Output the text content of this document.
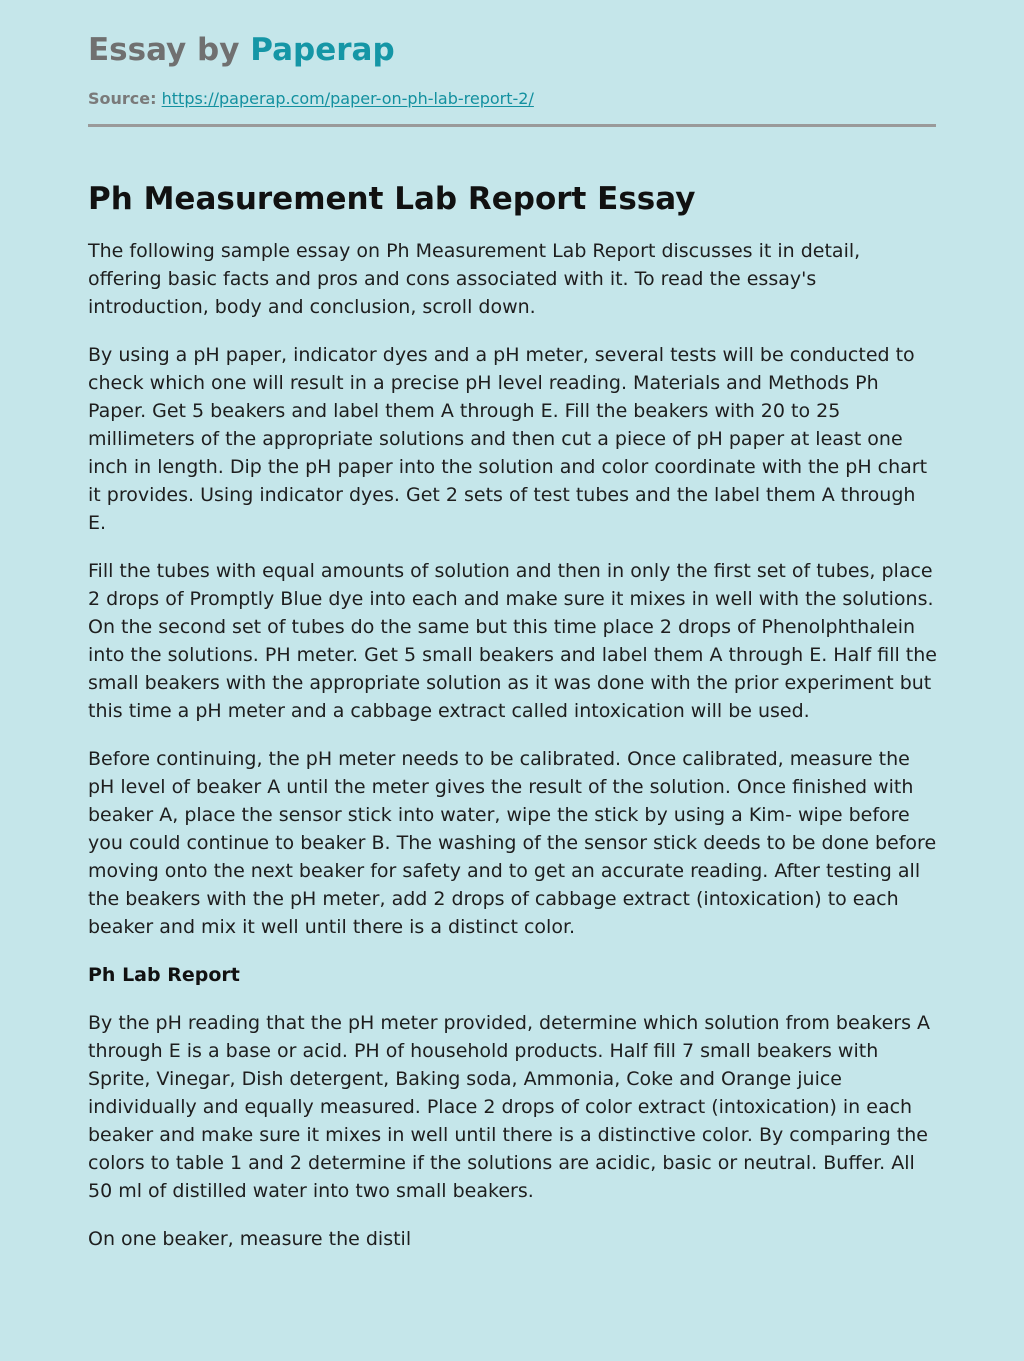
Essay by Paperap
Source: https://paperap.com/paper-on-ph-lab-report-2/
Ph Measurement Lab Report Essay

The following sample essay on Ph Measurement Lab Report discusses it in detail, offering basic facts and pros and cons associated with it. To read the essay's introduction, body and conclusion, scroll down.

By using a pH paper, indicator dyes and a pH meter, several tests will be conducted to check which one will result in a precise pH level reading. Materials and Methods Ph Paper. Get 5 beakers and label them A through E. Fill the beakers with 20 to 25 millimeters of the appropriate solutions and then cut a piece of pH paper at least one inch in length. Dip the pH paper into the solution and color coordinate with the pH chart it provides. Using indicator dyes. Get 2 sets of test tubes and the label them A through E.

Fill the tubes with equal amounts of solution and then in only the first set of tubes, place 2 drops of Promptly Blue dye into each and make sure it mixes in well with the solutions. On the second set of tubes do the same but this time place 2 drops of Phenolphthalein into the solutions. PH meter. Get 5 small beakers and label them A through E. Half fill the small beakers with the appropriate solution as it was done with the prior experiment but this time a pH meter and a cabbage extract called intoxication will be used.

Before continuing, the pH meter needs to be calibrated. Once calibrated, measure the pH level of beaker A until the meter gives the result of the solution. Once finished with beaker A, place the sensor stick into water, wipe the stick by using a Kim- wipe before you could continue to beaker B. The washing of the sensor stick deeds to be done before moving onto the next beaker for safety and to get an accurate reading. After testing all the beakers with the pH meter, add 2 drops of cabbage extract (intoxication) to each beaker and mix it well until there is a distinct color.

Ph Lab Report

By the pH reading that the pH meter provided, determine which solution from beakers A through E is a base or acid. PH of household products. Half fill 7 small beakers with Sprite, Vinegar, Dish detergent, Baking soda, Ammonia, Coke and Orange juice individually and equally measured. Place 2 drops of color extract (intoxication) in each beaker and make sure it mixes in well until there is a distinctive color. By comparing the colors to table 1 and 2 determine if the solutions are acidic, basic or neutral. Buffer. All 50 ml of distilled water into two small beakers.

On one beaker, measure the distil
